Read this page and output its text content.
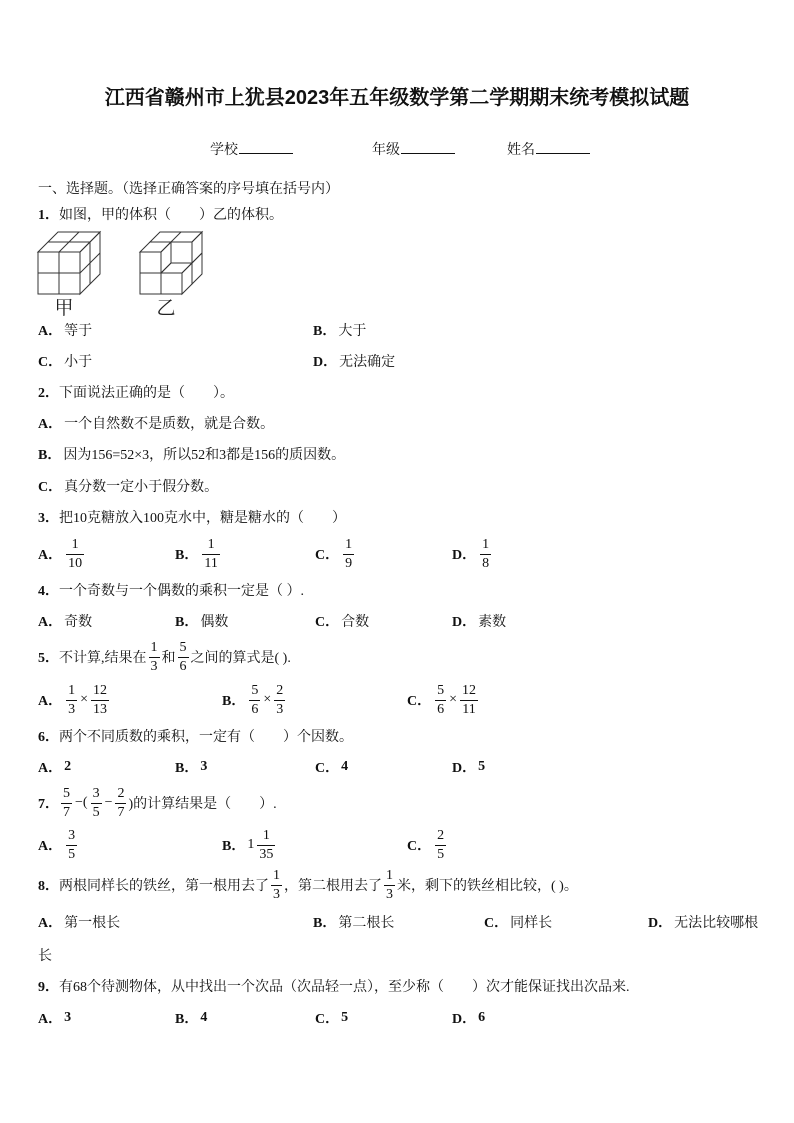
江西省赣州市上犹县2023年五年级数学第二学期期末统考模拟试题
学校	年级	姓名
一、选择题。（选择正确答案的序号填在括号内）
1． 如图，甲的体积（　　）乙的体积。
甲	乙
A． 等于	B． 大于
C． 小于	D． 无法确定
2． 下面说法正确的是（　　）。
A． 一个自然数不是质数，就是合数。
B． 因为156=52×3，所以52和3都是156的质因数。
C． 真分数一定小于假分数。
3． 把10克糖放入100克水中，糖是糖水的（　　）
A． $\frac{1}{10}$	B． $\frac{1}{11}$	C． $\frac{1}{9}$	D． $\frac{1}{8}$
4． 一个奇数与一个偶数的乘积一定是（ ）.
A． 奇数	B． 偶数	C． 合数	D． 素数
5． 不计算,结果在 $\frac{1}{3}$ 和 $\frac{5}{6}$ 之间的算式是( ).
A． $\frac{1}{3} \times \frac{12}{13}$	B． $\frac{5}{6} \times \frac{2}{3}$	C． $\frac{5}{6} \times \frac{12}{11}$
6． 两个不同质数的乘积，一定有（　　）个因数。
A． 2	B． 3	C． 4	D． 5
7． $\frac{5}{7}$ −( $\frac{3}{5} - \frac{2}{7}$ )的计算结果是（　　）.
A． $\frac{3}{5}$	B． $1 \frac{1}{35}$	C． $\frac{2}{5}$
8． 两根同样长的铁丝，第一根用去了 $\frac{1}{3}$ ，第二根用去了 $\frac{1}{3}$ 米，剩下的铁丝相比较，( )。
A． 第一根长	B． 第二根长	C． 同样长	D． 无法比较哪根
长
9． 有68个待测物体，从中找出一个次品（次品轻一点），至少称（　　）次才能保证找出次品来.
A． 3	B． 4	C． 5	D． 6
